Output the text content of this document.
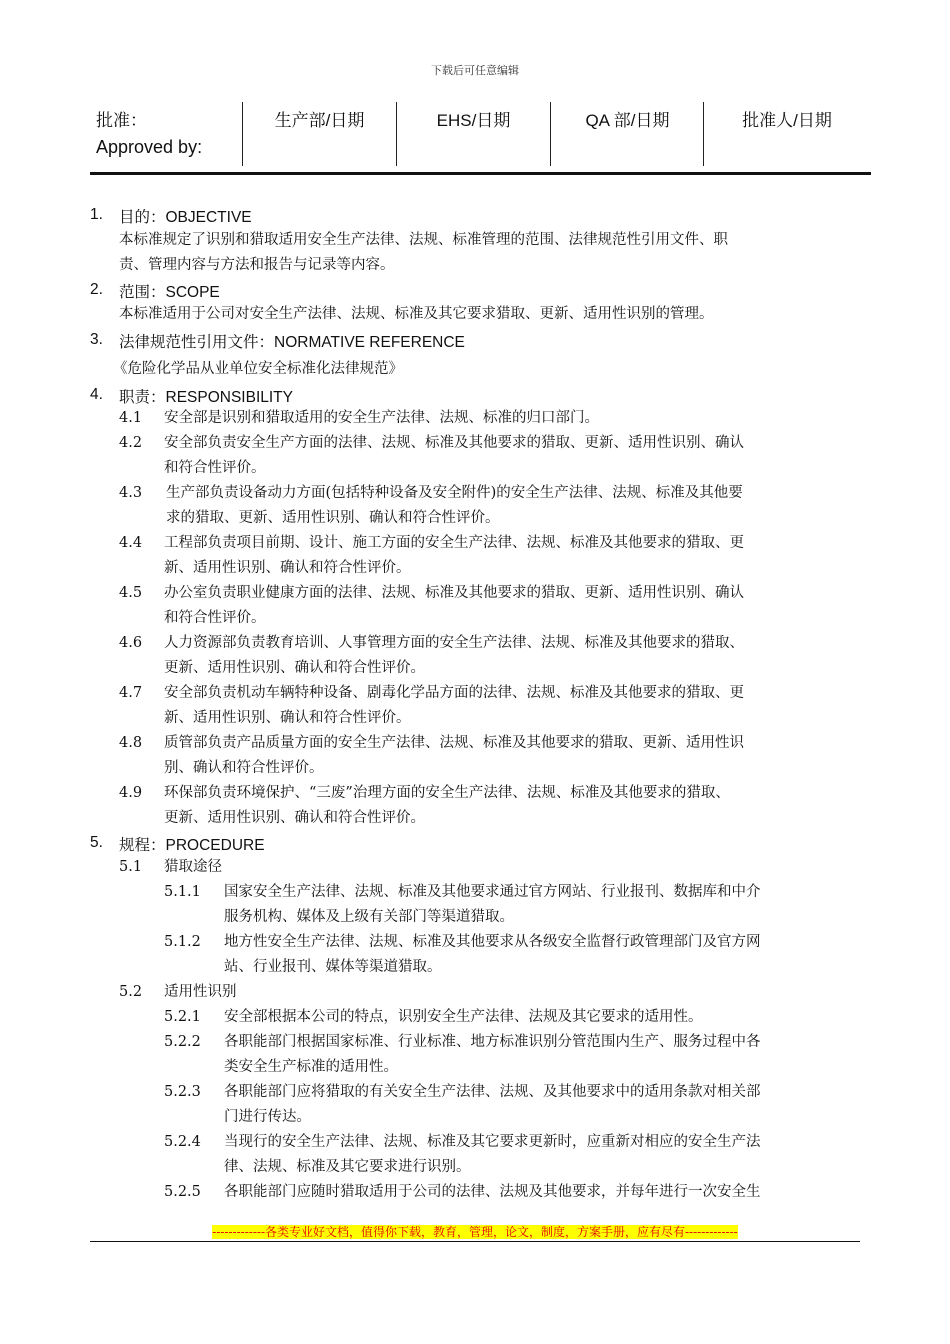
下载后可任意编辑
批准：
Approved by:
生产部/日期	EHS/日期	QA 部/日期	批准人/日期
1. 目的：OBJECTIVE
本标准规定了识别和猎取适用安全生产法律、法规、标准管理的范围、法律规范性引用文件、职
责、管理内容与方法和报告与记录等内容。
2. 范围：SCOPE
本标准适用于公司对安全生产法律、法规、标准及其它要求猎取、更新、适用性识别的管理。
3. 法律规范性引用文件：NORMATIVE REFERENCE
《危险化学品从业单位安全标准化法律规范》
4. 职责：RESPONSIBILITY
4.1 安全部是识别和猎取适用的安全生产法律、法规、标准的归口部门。
4.2 安全部负责安全生产方面的法律、法规、标准及其他要求的猎取、更新、适用性识别、确认
和符合性评价。
4.3 生产部负责设备动力方面(包括特种设备及安全附件)的安全生产法律、法规、标准及其他要
求的猎取、更新、适用性识别、确认和符合性评价。
4.4 工程部负责项目前期、设计、施工方面的安全生产法律、法规、标准及其他要求的猎取、更
新、适用性识别、确认和符合性评价。
4.5 办公室负责职业健康方面的法律、法规、标准及其他要求的猎取、更新、适用性识别、确认
和符合性评价。
4.6 人力资源部负责教育培训、人事管理方面的安全生产法律、法规、标准及其他要求的猎取、
更新、适用性识别、确认和符合性评价。
4.7 安全部负责机动车辆特种设备、剧毒化学品方面的法律、法规、标准及其他要求的猎取、更
新、适用性识别、确认和符合性评价。
4.8 质管部负责产品质量方面的安全生产法律、法规、标准及其他要求的猎取、更新、适用性识
别、确认和符合性评价。
4.9 环保部负责环境保护、“三废”治理方面的安全生产法律、法规、标准及其他要求的猎取、
更新、适用性识别、确认和符合性评价。
5. 规程：PROCEDURE
5.1 猎取途径
5.1.1 国家安全生产法律、法规、标准及其他要求通过官方网站、行业报刊、数据库和中介
服务机构、媒体及上级有关部门等渠道猎取。
5.1.2 地方性安全生产法律、法规、标准及其他要求从各级安全监督行政管理部门及官方网
站、行业报刊、媒体等渠道猎取。
5.2 适用性识别
5.2.1 安全部根据本公司的特点，识别安全生产法律、法规及其它要求的适用性。
5.2.2 各职能部门根据国家标准、行业标准、地方标准识别分管范围内生产、服务过程中各
类安全生产标准的适用性。
5.2.3 各职能部门应将猎取的有关安全生产法律、法规、及其他要求中的适用条款对相关部
门进行传达。
5.2.4 当现行的安全生产法律、法规、标准及其它要求更新时，应重新对相应的安全生产法
律、法规、标准及其它要求进行识别。
5.2.5 各职能部门应随时猎取适用于公司的法律、法规及其他要求，并每年进行一次安全生
-------------各类专业好文档，值得你下载，教育，管理，论文，制度，方案手册，应有尽有-------------
